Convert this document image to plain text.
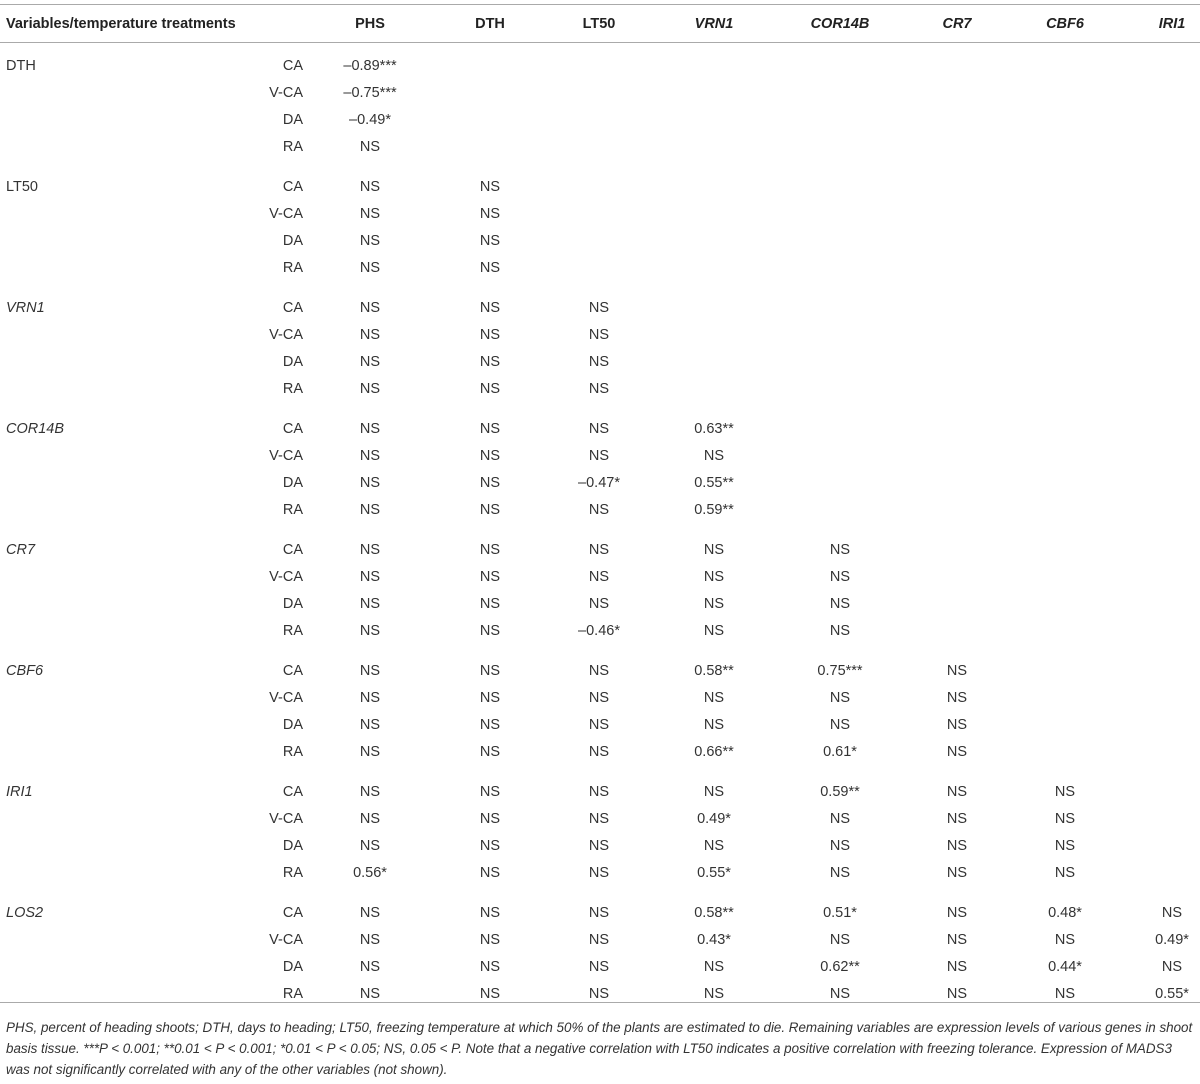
Variables/temperature treatments	PHS	DTH	LT50	VRN1	COR14B	CR7	CBF6	IRI1
DTH	CA	–0.89***
V-CA	–0.75***
DA	–0.49*
RA	NS
LT50	CA	NS	NS
V-CA	NS	NS
DA	NS	NS
RA	NS	NS
VRN1	CA	NS	NS	NS
V-CA	NS	NS	NS
DA	NS	NS	NS
RA	NS	NS	NS
COR14B	CA	NS	NS	NS	0.63**
V-CA	NS	NS	NS	NS
DA	NS	NS	–0.47*	0.55**
RA	NS	NS	NS	0.59**
CR7	CA	NS	NS	NS	NS	NS
V-CA	NS	NS	NS	NS	NS
DA	NS	NS	NS	NS	NS
RA	NS	NS	–0.46*	NS	NS
CBF6	CA	NS	NS	NS	0.58**	0.75***	NS
V-CA	NS	NS	NS	NS	NS	NS
DA	NS	NS	NS	NS	NS	NS
RA	NS	NS	NS	0.66**	0.61*	NS
IRI1	CA	NS	NS	NS	NS	0.59**	NS	NS
V-CA	NS	NS	NS	0.49*	NS	NS	NS
DA	NS	NS	NS	NS	NS	NS	NS
RA	0.56*	NS	NS	0.55*	NS	NS	NS
LOS2	CA	NS	NS	NS	0.58**	0.51*	NS	0.48*	NS
V-CA	NS	NS	NS	0.43*	NS	NS	NS	0.49*
DA	NS	NS	NS	NS	0.62**	NS	0.44*	NS
RA	NS	NS	NS	NS	NS	NS	NS	0.55*
PHS, percent of heading shoots; DTH, days to heading; LT50, freezing temperature at which 50% of the plants are estimated to die. Remaining variables are expression levels of various genes in shoot basis tissue. ***P < 0.001; **0.01 < P < 0.001; *0.01 < P < 0.05; NS, 0.05 < P. Note that a negative correlation with LT50 indicates a positive correlation with freezing tolerance. Expression of MADS3 was not significantly correlated with any of the other variables (not shown).
